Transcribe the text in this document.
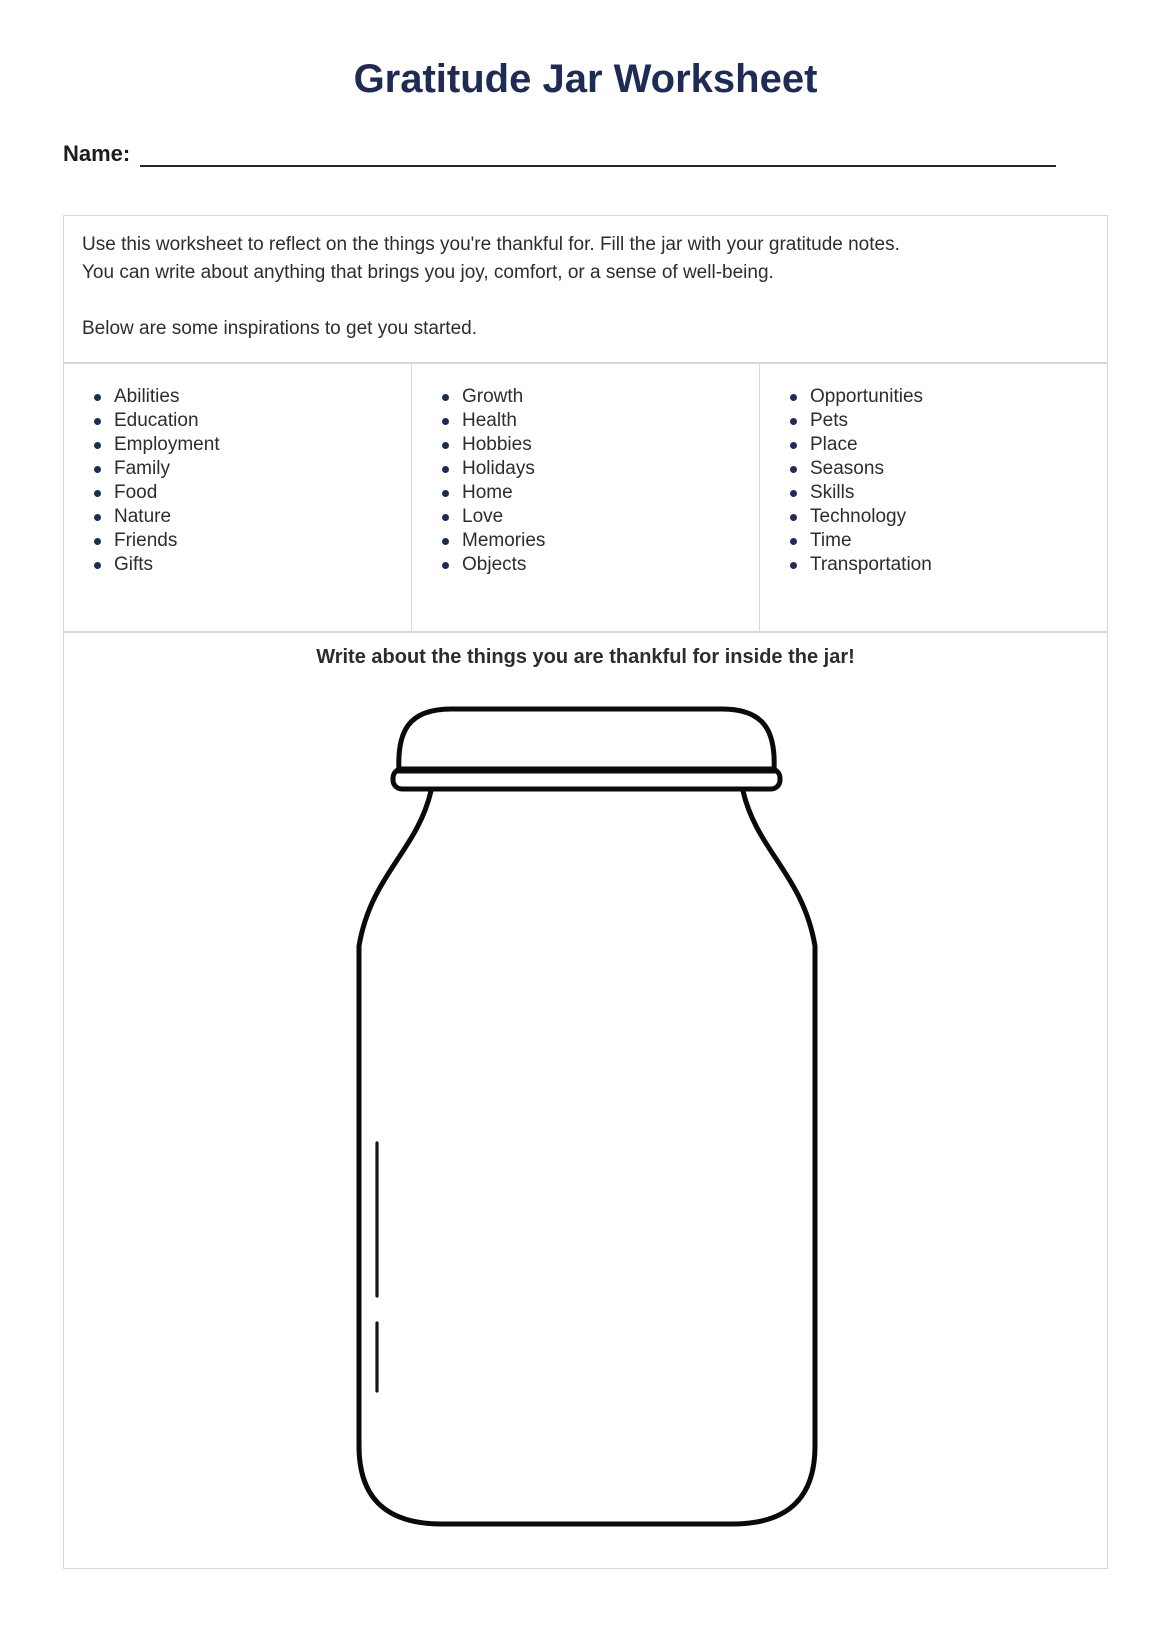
Gratitude Jar Worksheet
Name:
Use this worksheet to reflect on the things you're thankful for. Fill the jar with your gratitude notes.
You can write about anything that brings you joy, comfort, or a sense of well-being.
Below are some inspirations to get you started.
Abilities
Education
Employment
Family
Food
Nature
Friends
Gifts
Growth
Health
Hobbies
Holidays
Home
Love
Memories
Objects
Opportunities
Pets
Place
Seasons
Skills
Technology
Time
Transportation
Write about the things you are thankful for inside the jar!
